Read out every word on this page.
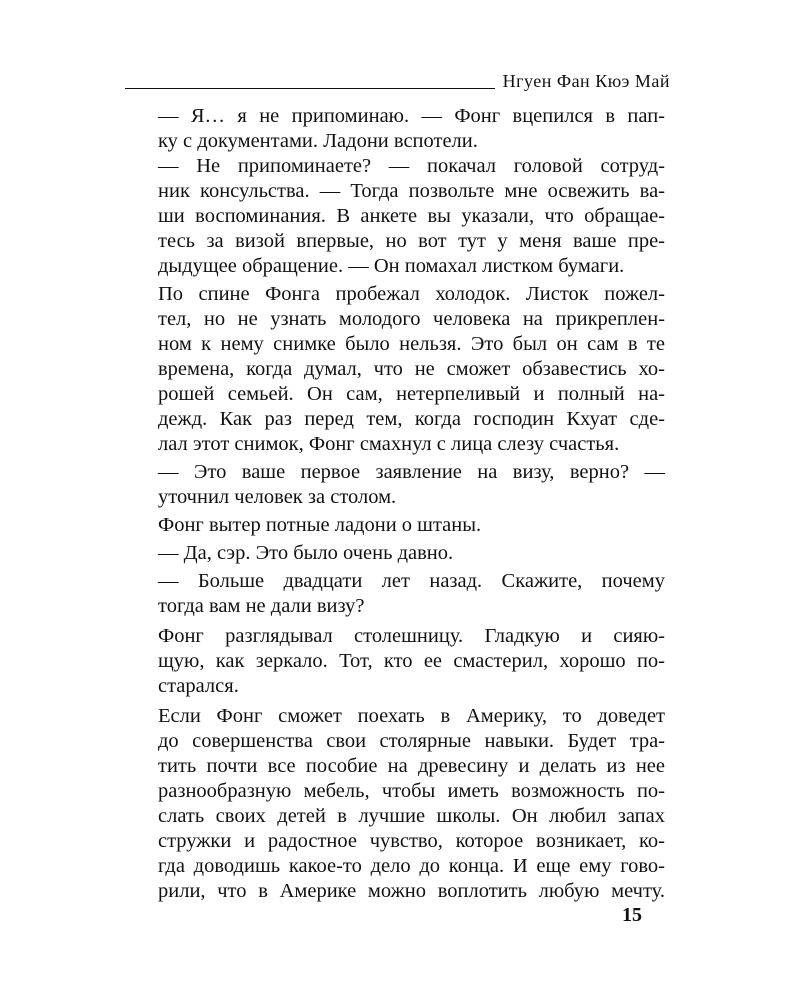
Нгуен Фан Кюэ Май

— Я… я не припоминаю. — Фонг вцепился в пап-
ку с документами. Ладони вспотели.

— Не припоминаете? — покачал головой сотруд-
ник консульства. — Тогда позвольте мне освежить ва-
ши воспоминания. В анкете вы указали, что обращае-
тесь за визой впервые, но вот тут у меня ваше пре-
дыдущее обращение. — Он помахал листком бумаги.

По спине Фонга пробежал холодок. Листок пожел-
тел, но не узнать молодого человека на прикреплен-
ном к нему снимке было нельзя. Это был он сам в те
времена, когда думал, что не сможет обзавестись хо-
рошей семьей. Он сам, нетерпеливый и полный на-
дежд. Как раз перед тем, когда господин Кхуат сде-
лал этот снимок, Фонг смахнул с лица слезу счастья.

— Это ваше первое заявление на визу, верно? —
уточнил человек за столом.

Фонг вытер потные ладони о штаны.

— Да, сэр. Это было очень давно.

— Больше двадцати лет назад. Скажите, почему
тогда вам не дали визу?

Фонг разглядывал столешницу. Гладкую и сияю-
щую, как зеркало. Тот, кто ее смастерил, хорошо по-
старался.

Если Фонг сможет поехать в Америку, то доведет
до совершенства свои столярные навыки. Будет тра-
тить почти все пособие на древесину и делать из нее
разнообразную мебель, чтобы иметь возможность по-
слать своих детей в лучшие школы. Он любил запах
стружки и радостное чувство, которое возникает, ко-
гда доводишь какое-то дело до конца. И еще ему гово-
рили, что в Америке можно воплотить любую мечту.

15
